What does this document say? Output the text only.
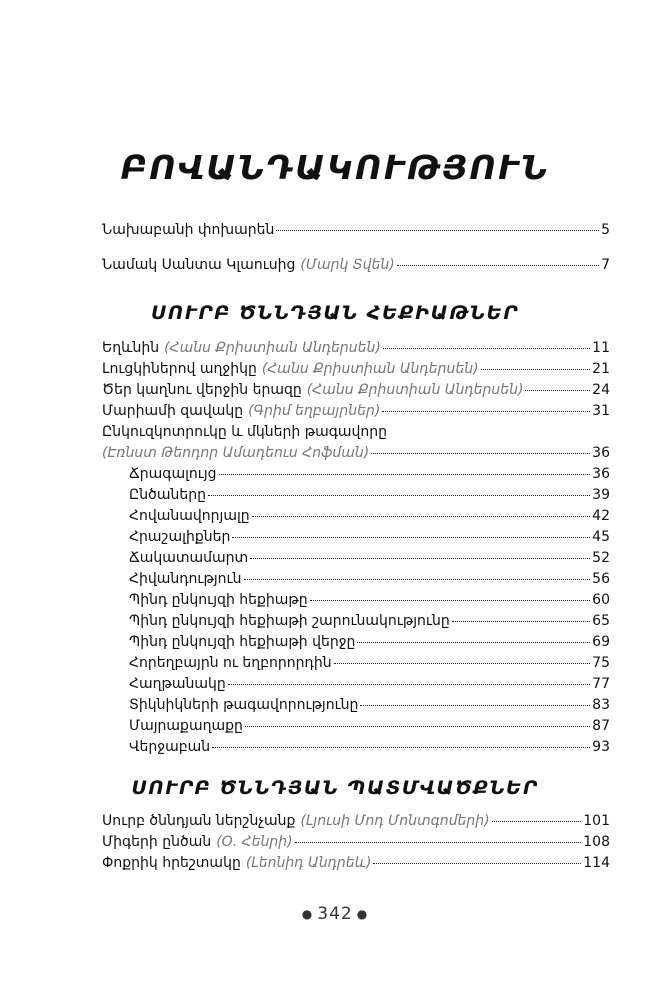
ԲՈՎԱՆԴԱԿՈՒԹՅՈՒՆ
Նախաբանի փոխարեն	5
Նամակ Սանտա Կլաուսից (Մարկ Տվեն)	7
ՍՈՒՐԲ ԾՆՆԴՅԱՆ ՀԵՔԻԱԹՆԵՐ
Եղևնին (Հանս Քրիստիան Անդերսեն)	11
Լուցկիներով աղջիկը (Հանս Քրիստիան Անդերսեն)	21
Ծեր կաղնու վերջին երազը (Հանս Քրիստիան Անդերսեն)	24
Մարիամի զավակը (Գրիմ եղբայրներ)	31
Ընկուզկոտրուկը և մկների թագավորը
(Էռնստ Թեոդոր Ամադեուս Հոֆման)	36
Ճրագալույց	36
Ընծաները	39
Հովանավորյալը	42
Հրաշալիքներ	45
Ճակատամարտ	52
Հիվանդություն	56
Պինդ ընկույզի հեքիաթը	60
Պինդ ընկույզի հեքիաթի շարունակությունը	65
Պինդ ընկույզի հեքիաթի վերջը	69
Հորեղբայրն ու եղբորորդին	75
Հաղթանակը	77
Տիկնիկների թագավորությունը	83
Մայրաքաղաքը	87
Վերջաբան	93
ՍՈՒՐԲ ԾՆՆԴՅԱՆ ՊԱՏՄՎԱԾՔՆԵՐ
Սուրբ ծննդյան ներշնչանք (Լյուսի Մոդ Մոնտգոմերի)	101
Միգերի ընծան (Օ. Հենրի)	108
Փոքրիկ հրեշտակը (Լեոնիդ Անդրեև)	114
● 342 ●
